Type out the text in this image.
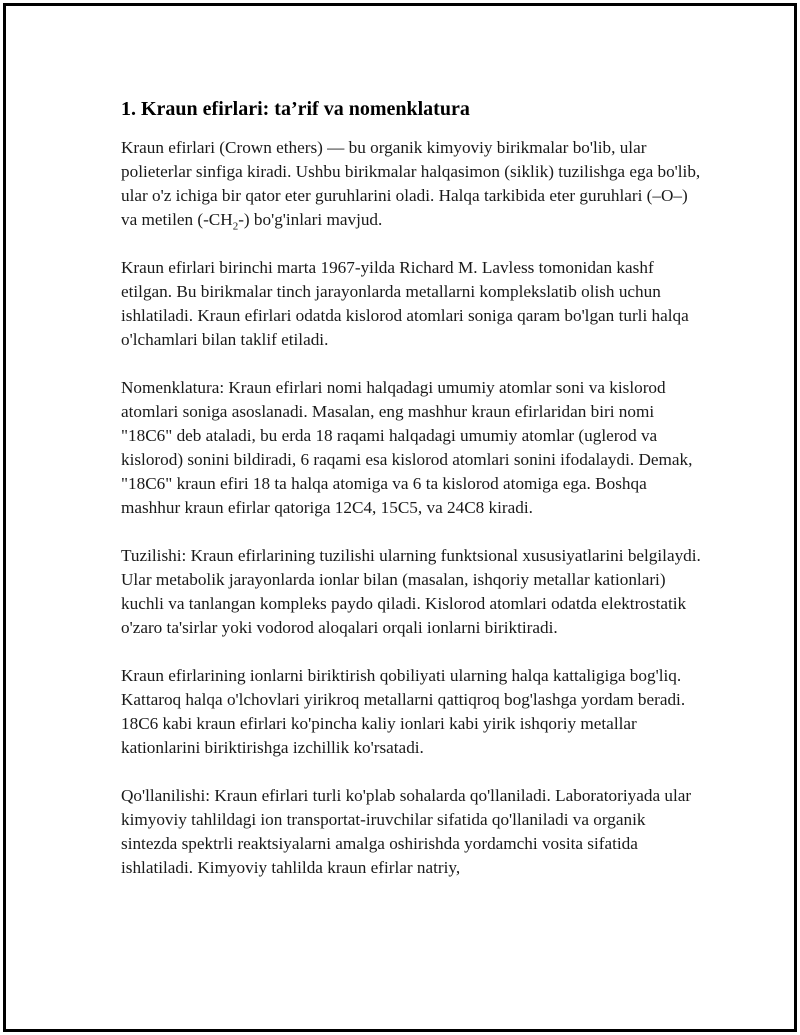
1. Kraun efirlari: ta’rif va nomenklatura

Kraun efirlari (Crown ethers) — bu organik kimyoviy birikmalar bo'lib, ular polieterlar sinfiga kiradi. Ushbu birikmalar halqasimon (siklik) tuzilishga ega bo'lib, ular o'z ichiga bir qator eter guruhlarini oladi. Halqa tarkibida eter guruhlari (–O–) va metilen $(-CH_2-)$ bo'g'inlari mavjud.

Kraun efirlari birinchi marta 1967-yilda Richard M. Lavless tomonidan kashf etilgan. Bu birikmalar tinch jarayonlarda metallarni komplekslatib olish uchun ishlatiladi. Kraun efirlari odatda kislorod atomlari soniga qaram bo'lgan turli halqa o'lchamlari bilan taklif etiladi.

Nomenklatura: Kraun efirlari nomi halqadagi umumiy atomlar soni va kislorod atomlari soniga asoslanadi. Masalan, eng mashhur kraun efirlaridan biri nomi "18C6" deb ataladi, bu erda 18 raqami halqadagi umumiy atomlar (uglerod va kislorod) sonini bildiradi, 6 raqami esa kislorod atomlari sonini ifodalaydi. Demak, "18C6" kraun efiri 18 ta halqa atomiga va 6 ta kislorod atomiga ega. Boshqa mashhur kraun efirlar qatoriga 12C4, 15C5, va 24C8 kiradi.

Tuzilishi: Kraun efirlarining tuzilishi ularning funktsional xususiyatlarini belgilaydi. Ular metabolik jarayonlarda ionlar bilan (masalan, ishqoriy metallar kationlari) kuchli va tanlangan kompleks paydo qiladi. Kislorod atomlari odatda elektrostatik o'zaro ta'sirlar yoki vodorod aloqalari orqali ionlarni biriktiradi.

Kraun efirlarining ionlarni biriktirish qobiliyati ularning halqa kattaligiga bog'liq. Kattaroq halqa o'lchovlari yirikroq metallarni qattiqroq bog'lashga yordam beradi. 18C6 kabi kraun efirlari ko'pincha kaliy ionlari kabi yirik ishqoriy metallar kationlarini biriktirishga izchillik ko'rsatadi.

Qo'llanilishi: Kraun efirlari turli ko'plab sohalarda qo'llaniladi. Laboratoriyada ular kimyoviy tahlildagi ion transportat-iruvchilar sifatida qo'llaniladi va organik sintezda spektrli reaktsiyalarni amalga oshirishda yordamchi vosita sifatida ishlatiladi. Kimyoviy tahlilda kraun efirlar natriy,
